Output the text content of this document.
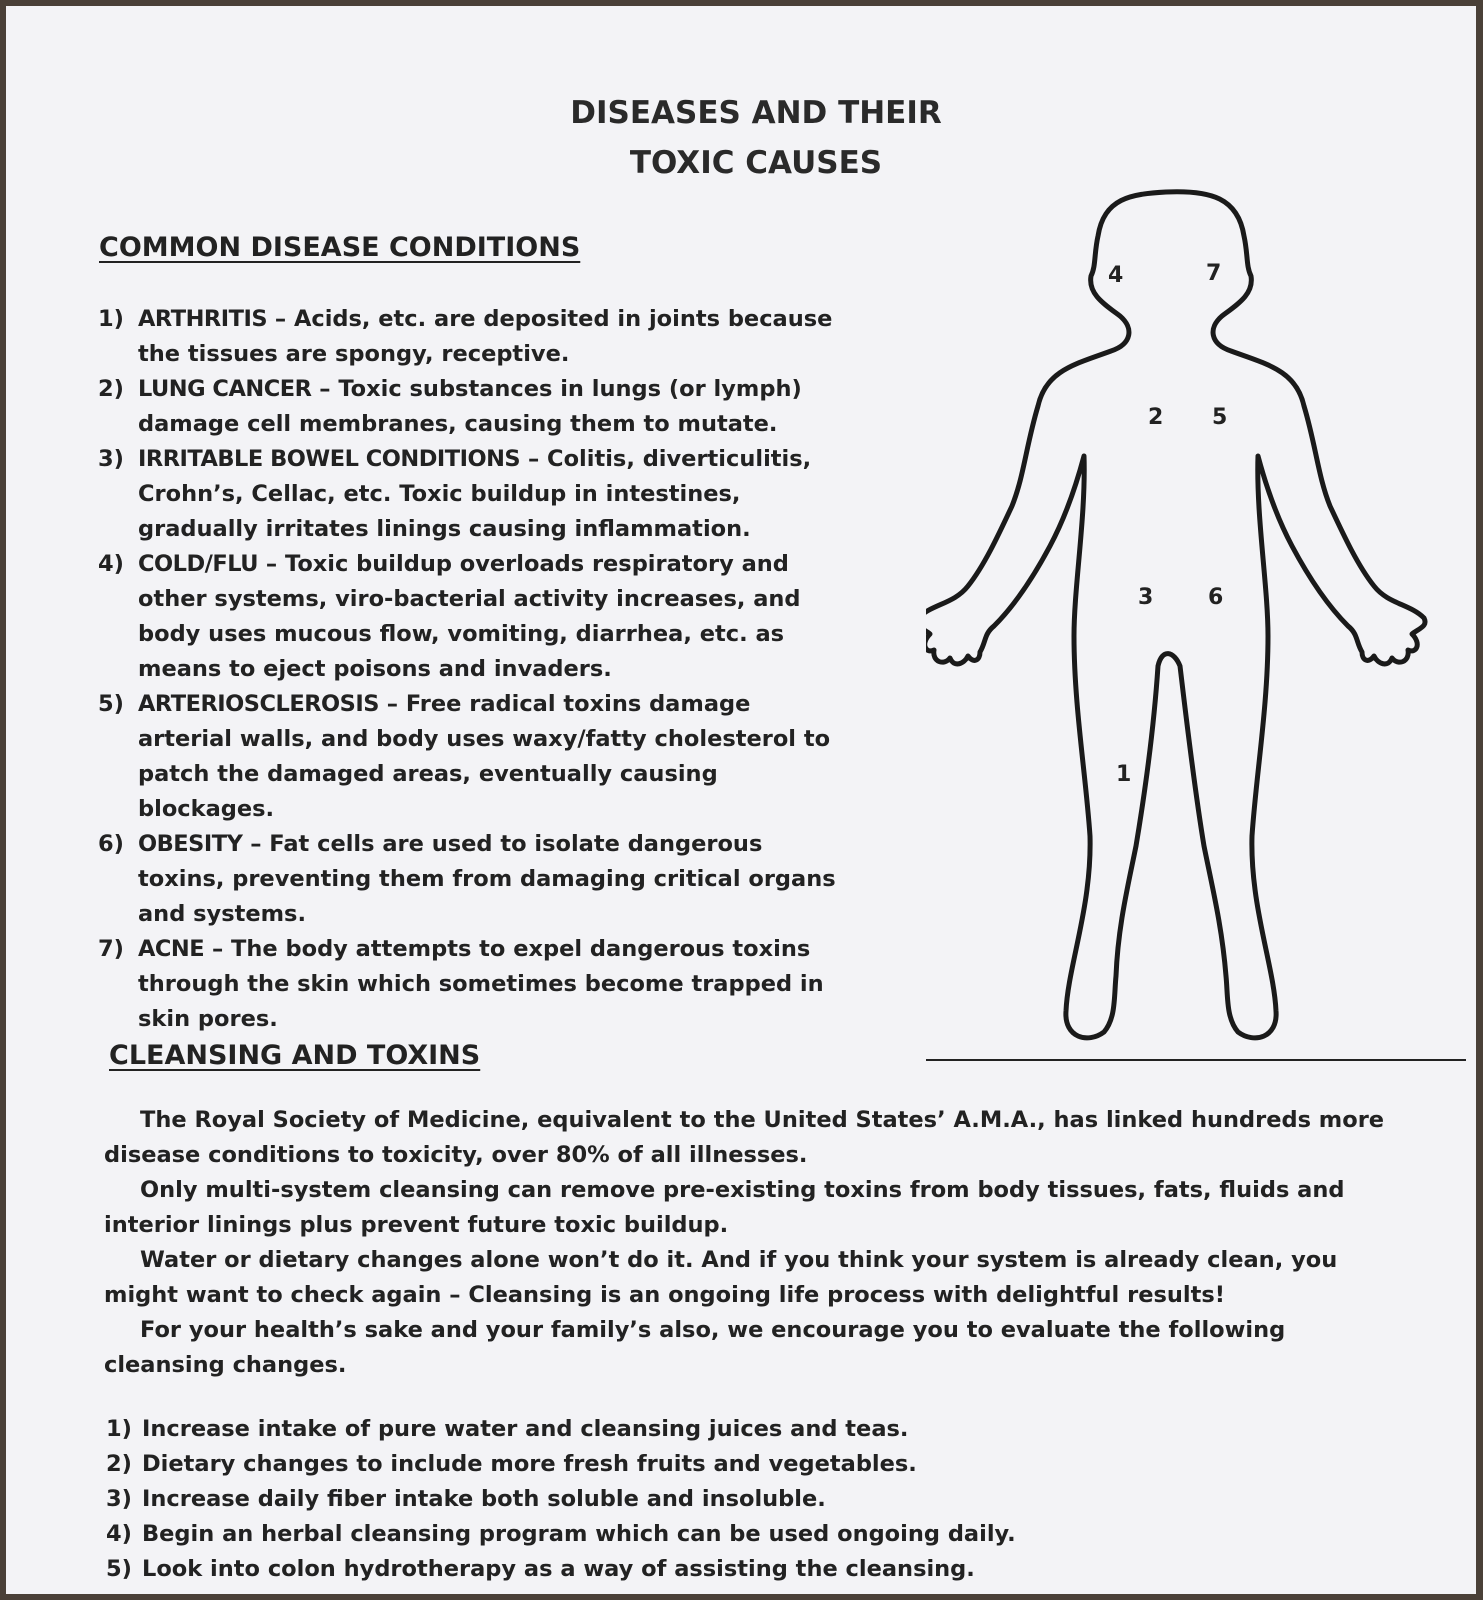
DISEASES AND THEIR
TOXIC CAUSES
COMMON DISEASE CONDITIONS
1) ARTHRITIS – Acids, etc. are deposited in joints because the tissues are spongy, receptive.
2) LUNG CANCER – Toxic substances in lungs (or lymph) damage cell membranes, causing them to mutate.
3) IRRITABLE BOWEL CONDITIONS – Colitis, diverticulitis, Crohn’s, Cellac, etc. Toxic buildup in intestines, gradually irritates linings causing inflammation.
4) COLD/FLU – Toxic buildup overloads respiratory and other systems, viro-bacterial activity increases, and body uses mucous flow, vomiting, diarrhea, etc. as means to eject poisons and invaders.
5) ARTERIOSCLEROSIS – Free radical toxins damage arterial walls, and body uses waxy/fatty cholesterol to patch the damaged areas, eventually causing blockages.
6) OBESITY – Fat cells are used to isolate dangerous toxins, preventing them from damaging critical organs and systems.
7) ACNE – The body attempts to expel dangerous toxins through the skin which sometimes become trapped in skin pores.
4	7
2 5
3 6
1
CLEANSING AND TOXINS

The Royal Society of Medicine, equivalent to the United States’ A.M.A., has linked hundreds more disease conditions to toxicity, over 80% of all illnesses.

Only multi-system cleansing can remove pre-existing toxins from body tissues, fats, fluids and interior linings plus prevent future toxic buildup.

Water or dietary changes alone won’t do it. And if you think your system is already clean, you might want to check again – Cleansing is an ongoing life process with delightful results!

For your health’s sake and your family’s also, we encourage you to evaluate the following cleansing changes.

1) Increase intake of pure water and cleansing juices and teas.
2) Dietary changes to include more fresh fruits and vegetables.
3) Increase daily fiber intake both soluble and insoluble.
4) Begin an herbal cleansing program which can be used ongoing daily.
5) Look into colon hydrotherapy as a way of assisting the cleansing.
